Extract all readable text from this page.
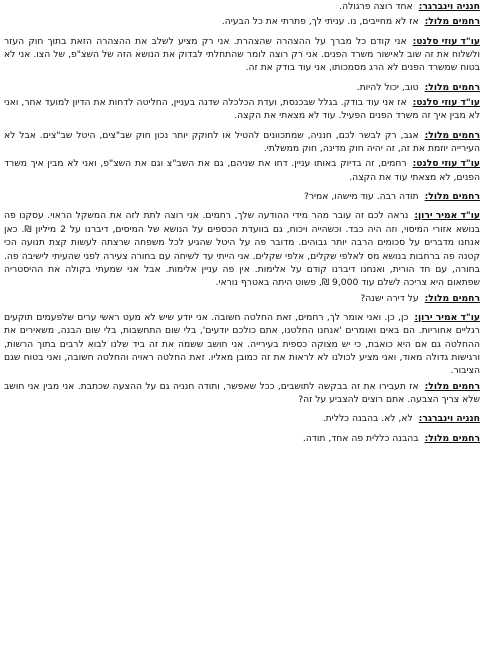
חנניה וינברגר:
אחד רוצה פרגולה.
רחמים מלול:
אז לא מחייבים, נו. עניתי לך, פתרתי את כל הבעיה.
עו"ד עוזי סלנט:
אני קודם כל מברך על ההצהרה שהצהרת. אני רק מציע לשלב את ההצהרה הזאת בתוך חוק העזר ולשלוח את זה שוב לאישור משרד הפנים. אני רק רוצה לומר שהתחלתי לבדוק את הנושא הזה של השצ"פ, של הצו. אני לא בטוח שמשרד הפנים לא הרג מסמכותו, אני עוד בודק את זה.
רחמים מלול:
טוב, יכול להיות.
עו"ד עוזי סלנט:
אז אני עוד בודק. בגלל שבכנסת, ועדת הכלכלה שדנה בעניין, החליטה לדחות את הדיון למועד אחר, ואני לא מבין איך זה משרד הפנים הפעיל. עוד לא מצאתי את הקצה.
רחמים מלול:
אגב, רק לבשר לכם, חנניה, שמתכוונים להטיל או לחוקק יותר נכון חוק שב"צים, היטל שב"צים. אבל לא העירייה יוזמת את זה, זה יהיה חוק מדינה, חוק ממשלתי.
עו"ד עוזי סלנט:
רחמים, זה בדיוק באותו עניין. דחו את שניהם, גם את השב"צ וגם את השצ"פ, ואני לא מבין איך משרד הפנים, לא מצאתי עוד את הקצה.
רחמים מלול:
תודה רבה. עוד מישהו, אמיר?
עו"ד אמיר ירון:
נראה לכם זה עובר מהר מידי ההודעה שלך, רחמים. אני רוצה לתת לזה את המשקל הראוי. עסקנו פה בנושא אזורי המיסוי, וזה היה כבד. וכשהייה ויכוח, גם בוועדת הכספים על הנושא של המיסים, דיברנו על 2 מיליון ₪. כאן אנחנו מדברים על סכומים הרבה יותר גבוהים. מדובר פה על היטל שהגיע לכל משפחה שרצתה לעשות קצת תנועה הכי קטנה פה ברחבות בנושא מס לאלפי שקלים, אלפי שקלים. אני הייתי עד לשיחה עם בחורה צעירה לפני שהעיתי לישיבה פה. בחורה, עם חד הורית, ואנחנו דיברנו קודם על אלימות. אין פה עניין אלימות. אבל אני שמעתי בקולה את ההיסטריה שפתאום היא צריכה לשלם עוד 9,000 ₪, פשוט היתה באטרף נוראי.
רחמים מלול:
על דירה ישנה?
עו"ד אמיר ירון:
כן, כן. ואני אומר לך, רחמים, זאת החלטה חשובה. אני יודע שיש לא מעט ראשי ערים שלפעמים תוקעים רגליים אחוריות. הם באים ואומרים 'אנחנו החלטנו, אתם כולכם יודעים', בלי שום התחשבות, בלי שום הבנה, משאירים את ההחלטה גם אם היא כואבת, כי יש מצוקה כספית בעירייה. אני חושב ששמה את זה ביד שלנו לבוא לרבים בתוך הרשות, ורגישות גדולה מאוד, ואני מציע לכולנו לא לראות את זה כמובן מאליו. זאת החלטה ראויה והחלטה חשובה, ואני בטוח שגם הציבור.
רחמים מלול:
אז תעבירו את זה בבקשה לתושבים, ככל שאפשר, ותודה חנניה גם על ההצעה שכתבת. אני מבין אני חושב שלא צריך הצבעה. אתם רוצים להצביע על זה?
חנניה וינברגר:
לא, לא. בהבנה כללית.
רחמים מלול:
בהבנה כללית פה אחד, תודה.
